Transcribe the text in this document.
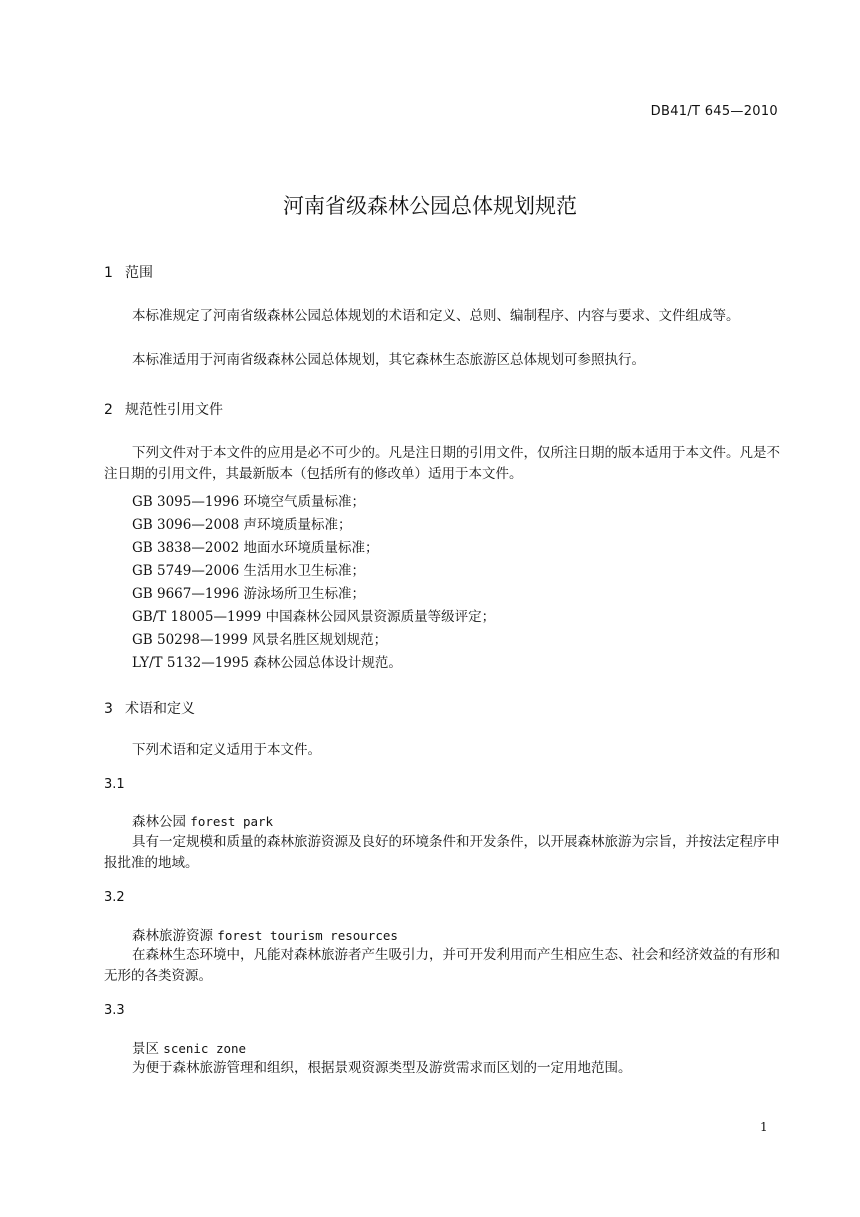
DB41/T 645—2010
河南省级森林公园总体规划规范
1 范围
本标准规定了河南省级森林公园总体规划的术语和定义、总则、编制程序、内容与要求、文件组成等。
本标准适用于河南省级森林公园总体规划，其它森林生态旅游区总体规划可参照执行。
2 规范性引用文件
下列文件对于本文件的应用是必不可少的。凡是注日期的引用文件，仅所注日期的版本适用于本文件。凡是不注日期的引用文件，其最新版本（包括所有的修改单）适用于本文件。
GB 3095—1996 环境空气质量标准；
GB 3096—2008 声环境质量标准；
GB 3838—2002 地面水环境质量标准；
GB 5749—2006 生活用水卫生标准；
GB 9667—1996 游泳场所卫生标准；
GB/T 18005—1999 中国森林公园风景资源质量等级评定；
GB 50298—1999 风景名胜区规划规范；
LY/T 5132—1995 森林公园总体设计规范。
3 术语和定义
下列术语和定义适用于本文件。
3.1
森林公园 forest park
具有一定规模和质量的森林旅游资源及良好的环境条件和开发条件，以开展森林旅游为宗旨，并按法定程序申报批准的地域。
3.2
森林旅游资源 forest tourism resources
在森林生态环境中，凡能对森林旅游者产生吸引力，并可开发利用而产生相应生态、社会和经济效益的有形和无形的各类资源。
3.3
景区 scenic zone
为便于森林旅游管理和组织，根据景观资源类型及游赏需求而区划的一定用地范围。
1
